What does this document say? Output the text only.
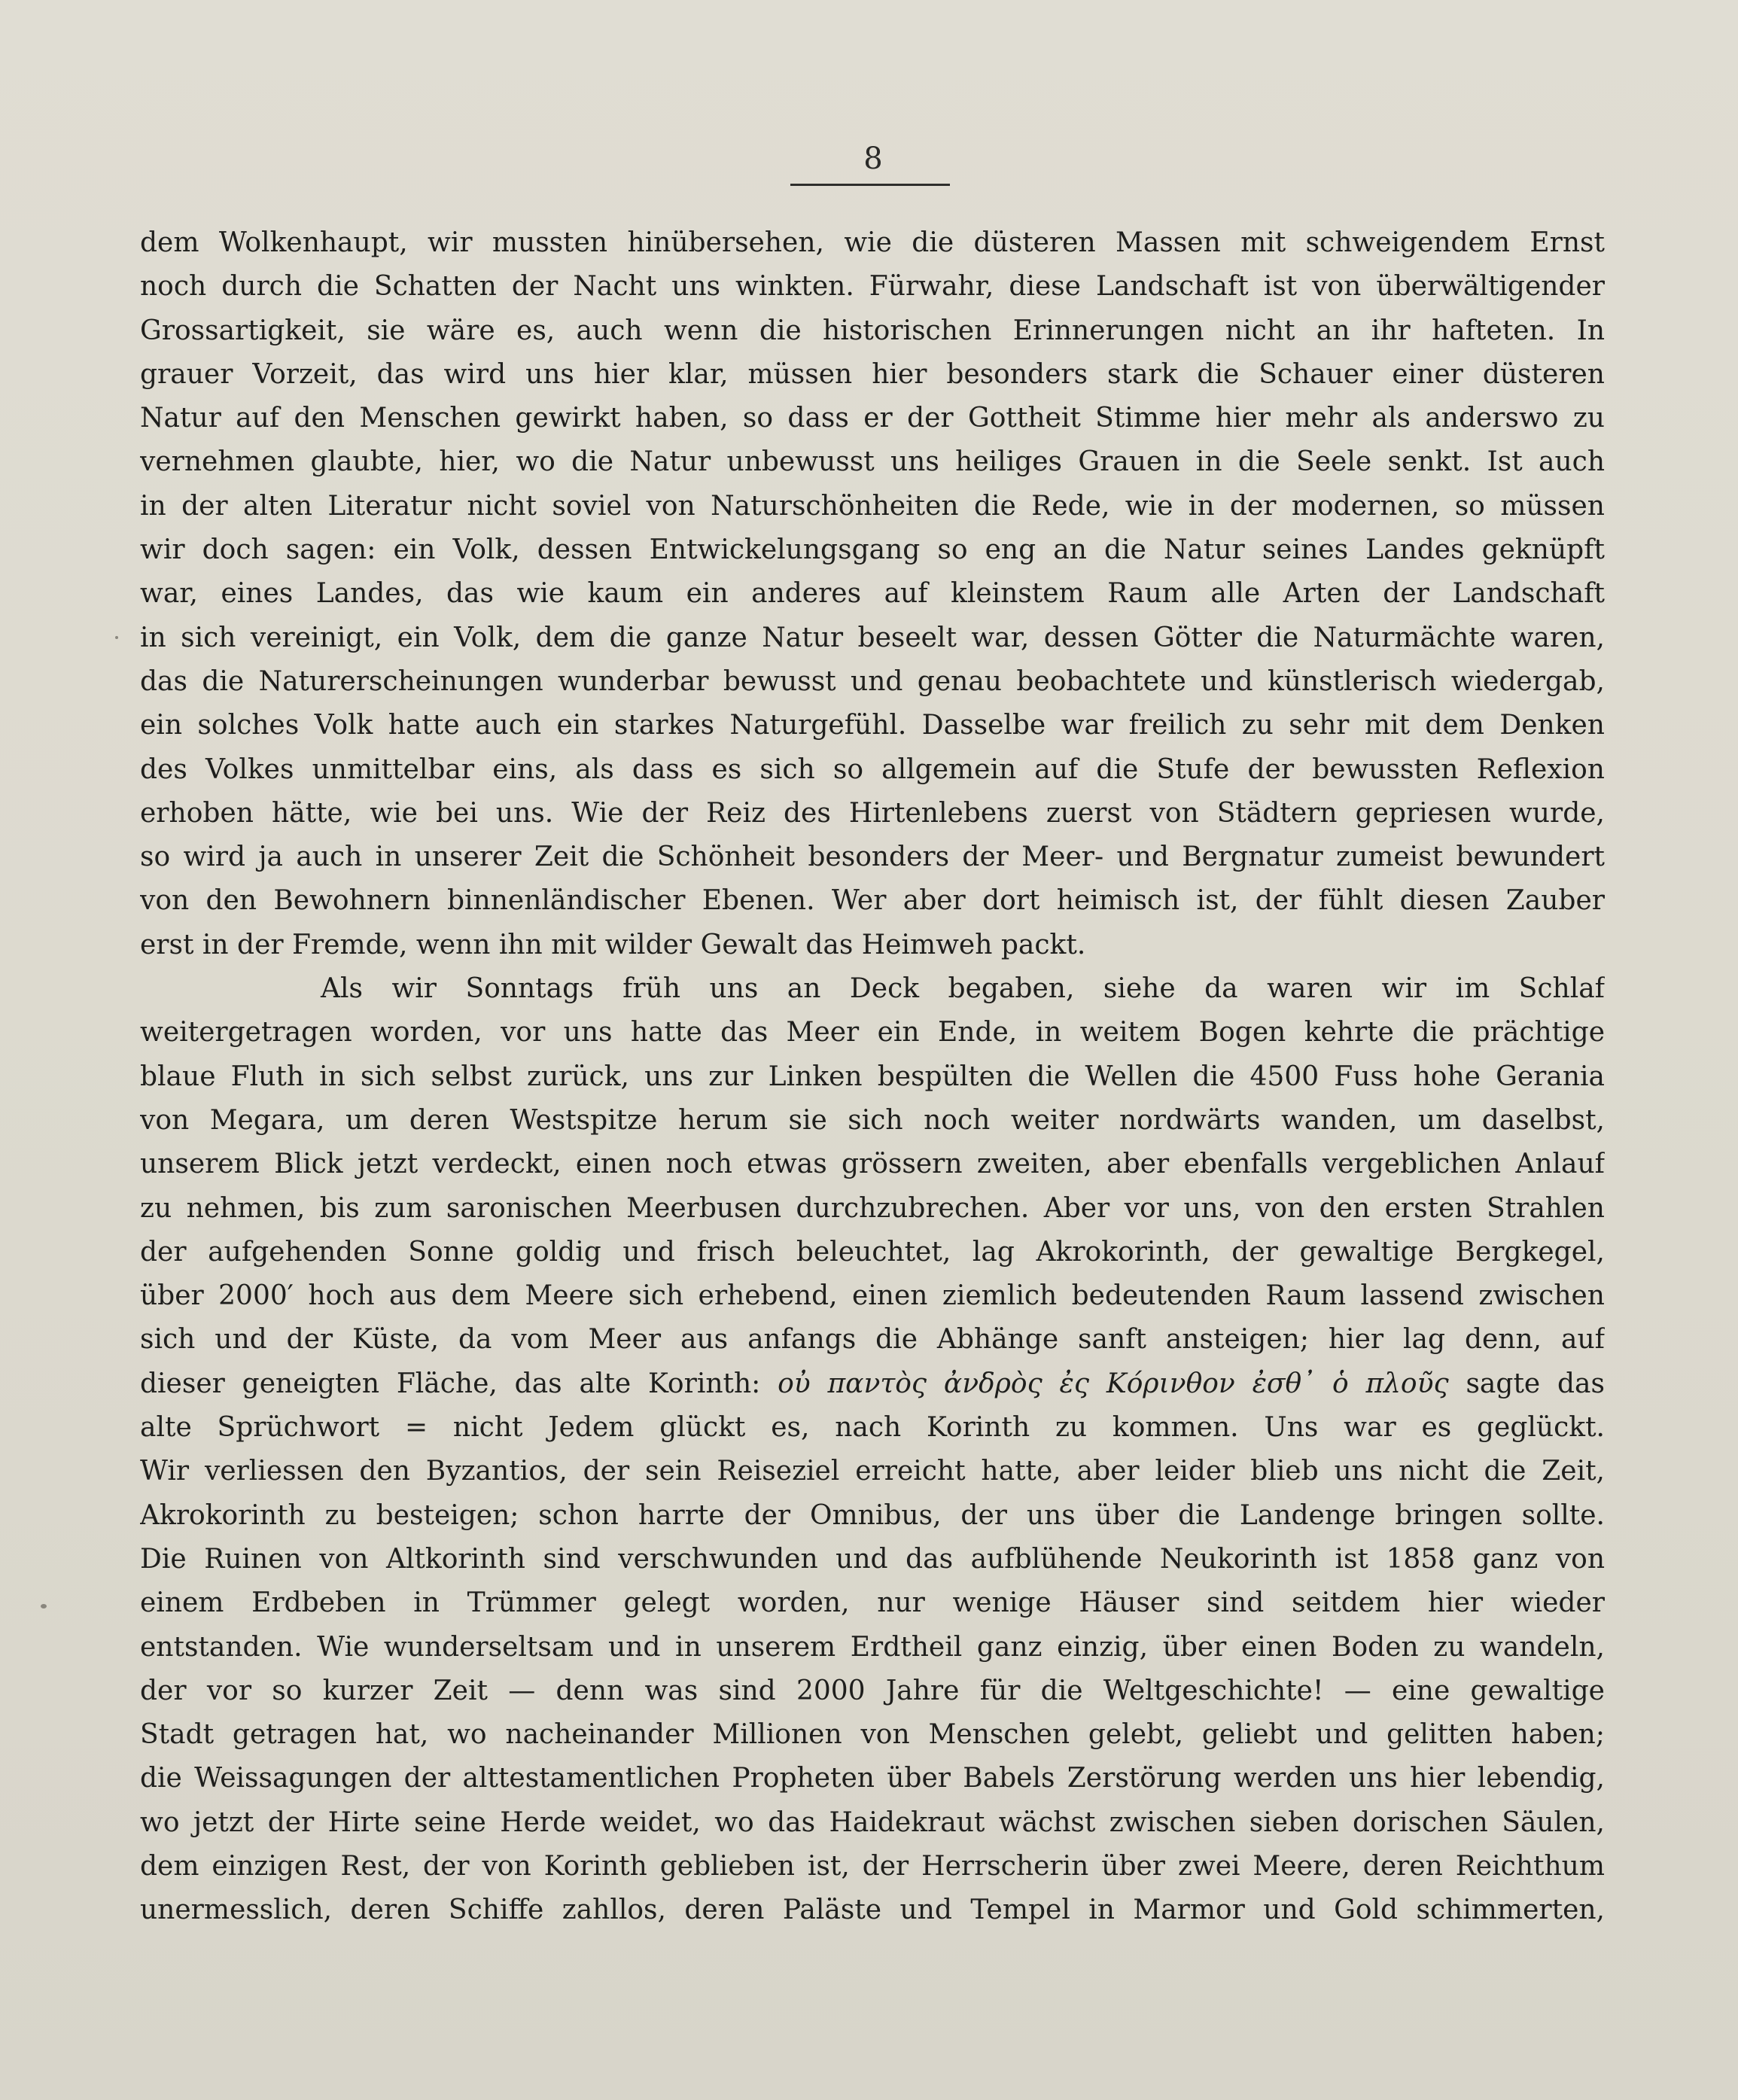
8
dem Wolkenhaupt, wir mussten hinübersehen, wie die düsteren Massen mit schweigendem Ernst
noch durch die Schatten der Nacht uns winkten. Fürwahr, diese Landschaft ist von überwältigender
Grossartigkeit, sie wäre es, auch wenn die historischen Erinnerungen nicht an ihr hafteten. In
grauer Vorzeit, das wird uns hier klar, müssen hier besonders stark die Schauer einer düsteren
Natur auf den Menschen gewirkt haben, so dass er der Gottheit Stimme hier mehr als anderswo zu
vernehmen glaubte, hier, wo die Natur unbewusst uns heiliges Grauen in die Seele senkt. Ist auch
in der alten Literatur nicht soviel von Naturschönheiten die Rede, wie in der modernen, so müssen
wir doch sagen: ein Volk, dessen Entwickelungsgang so eng an die Natur seines Landes geknüpft
war, eines Landes, das wie kaum ein anderes auf kleinstem Raum alle Arten der Landschaft
in sich vereinigt, ein Volk, dem die ganze Natur beseelt war, dessen Götter die Naturmächte waren,
das die Naturerscheinungen wunderbar bewusst und genau beobachtete und künstlerisch wiedergab,
ein solches Volk hatte auch ein starkes Naturgefühl. Dasselbe war freilich zu sehr mit dem Denken
des Volkes unmittelbar eins, als dass es sich so allgemein auf die Stufe der bewussten Reflexion
erhoben hätte, wie bei uns. Wie der Reiz des Hirtenlebens zuerst von Städtern gepriesen wurde,
so wird ja auch in unserer Zeit die Schönheit besonders der Meer- und Bergnatur zumeist bewundert
von den Bewohnern binnenländischer Ebenen. Wer aber dort heimisch ist, der fühlt diesen Zauber
erst in der Fremde, wenn ihn mit wilder Gewalt das Heimweh packt.
Als wir Sonntags früh uns an Deck begaben, siehe da waren wir im Schlaf
weitergetragen worden, vor uns hatte das Meer ein Ende, in weitem Bogen kehrte die prächtige
blaue Fluth in sich selbst zurück, uns zur Linken bespülten die Wellen die 4500 Fuss hohe Gerania
von Megara, um deren Westspitze herum sie sich noch weiter nordwärts wanden, um daselbst,
unserem Blick jetzt verdeckt, einen noch etwas grössern zweiten, aber ebenfalls vergeblichen Anlauf
zu nehmen, bis zum saronischen Meerbusen durchzubrechen. Aber vor uns, von den ersten Strahlen
der aufgehenden Sonne goldig und frisch beleuchtet, lag Akrokorinth, der gewaltige Bergkegel,
über 2000′ hoch aus dem Meere sich erhebend, einen ziemlich bedeutenden Raum lassend zwischen
sich und der Küste, da vom Meer aus anfangs die Abhänge sanft ansteigen; hier lag denn, auf
dieser geneigten Fläche, das alte Korinth: οὐ παντὸς ἀνδρὸς ἐς Κόρινθον ἐσθ᾽ ὁ πλοῦς sagte das
alte Sprüchwort = nicht Jedem glückt es, nach Korinth zu kommen. Uns war es geglückt.
Wir verliessen den Byzantios, der sein Reiseziel erreicht hatte, aber leider blieb uns nicht die Zeit,
Akrokorinth zu besteigen; schon harrte der Omnibus, der uns über die Landenge bringen sollte.
Die Ruinen von Altkorinth sind verschwunden und das aufblühende Neukorinth ist 1858 ganz von
einem Erdbeben in Trümmer gelegt worden, nur wenige Häuser sind seitdem hier wieder
entstanden. Wie wunderseltsam und in unserem Erdtheil ganz einzig, über einen Boden zu wandeln,
der vor so kurzer Zeit — denn was sind 2000 Jahre für die Weltgeschichte! — eine gewaltige
Stadt getragen hat, wo nacheinander Millionen von Menschen gelebt, geliebt und gelitten haben;
die Weissagungen der alttestamentlichen Propheten über Babels Zerstörung werden uns hier lebendig,
wo jetzt der Hirte seine Herde weidet, wo das Haidekraut wächst zwischen sieben dorischen Säulen,
dem einzigen Rest, der von Korinth geblieben ist, der Herrscherin über zwei Meere, deren Reichthum
unermesslich, deren Schiffe zahllos, deren Paläste und Tempel in Marmor und Gold schimmerten,
